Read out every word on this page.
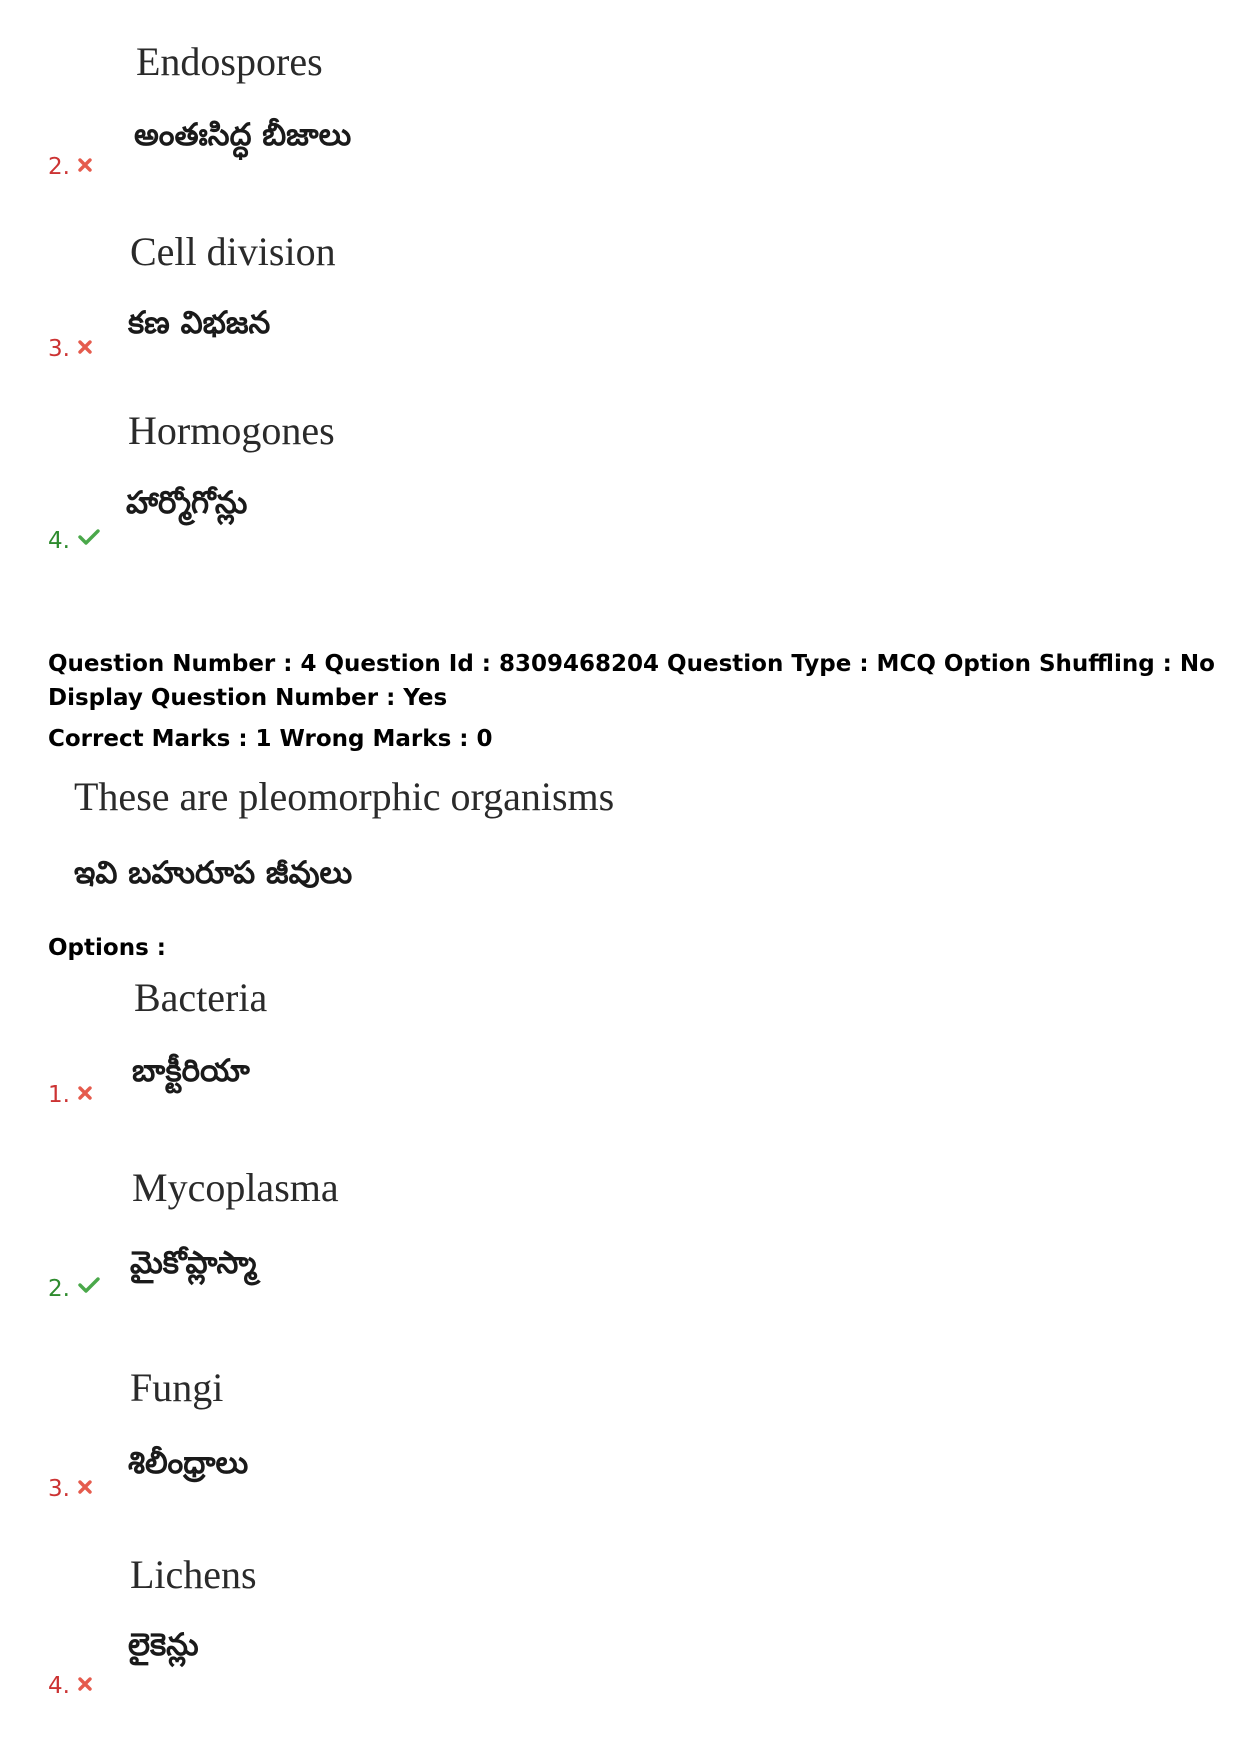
Endospores
అంతఃసిద్ధ బీజాలు
2.
Cell division
కణ విభజన
3.
Hormogones
హార్మోగోన్లు
4.
Question Number : 4 Question Id : 8309468204 Question Type : MCQ Option Shuffling : No
Display Question Number : Yes
Correct Marks : 1 Wrong Marks : 0
These are pleomorphic organisms
ఇవి బహురూప జీవులు
Options :
Bacteria
బాక్టీరియా
1.
Mycoplasma
మైకోప్లాస్మా
2.
Fungi
శిలీంధ్రాలు
3.
Lichens
లైకెన్లు
4.
